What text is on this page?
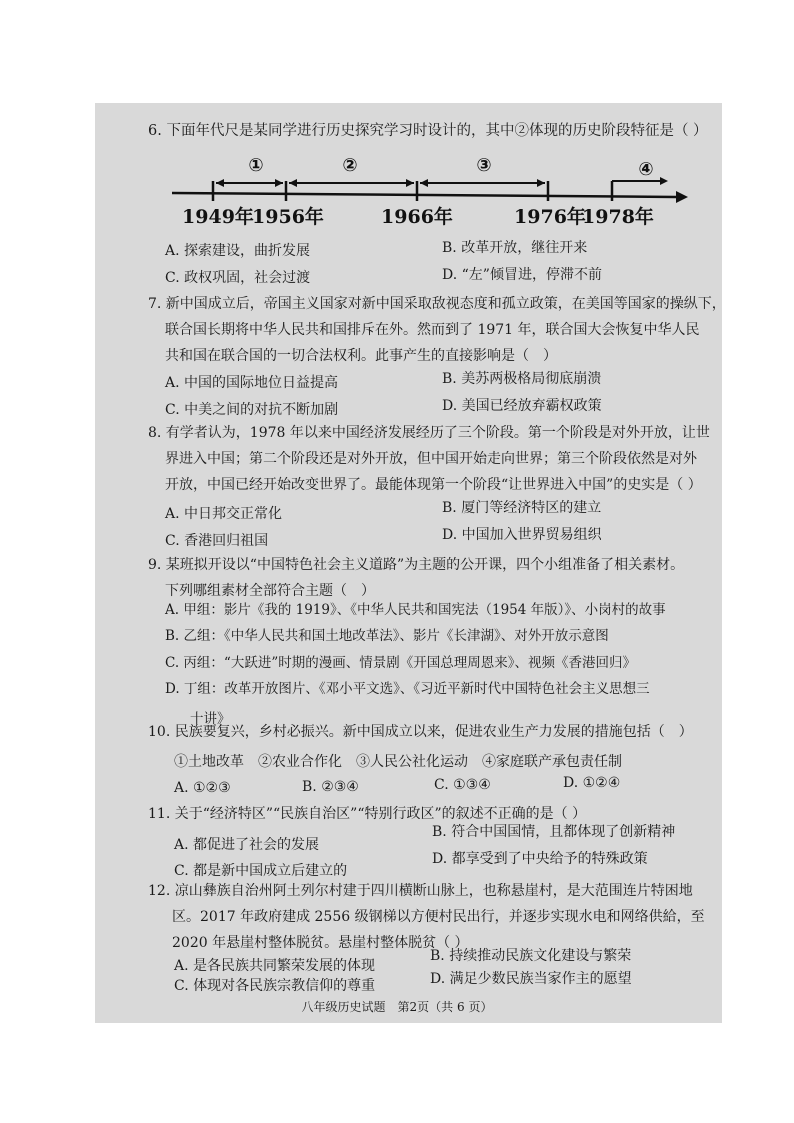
6. 下面年代尺是某同学进行历史探究学习时设计的，其中②体现的历史阶段特征是（ ）
①	②	③	④
1949年
1956年	1966年	1976年
1978年
A. 探索建设，曲折发展	B. 改革开放，继往开来
C. 政权巩固，社会过渡	D. “左”倾冒进，停滞不前
7. 新中国成立后，帝国主义国家对新中国采取敌视态度和孤立政策，在美国等国家的操纵下，
联合国长期将中华人民共和国排斥在外。然而到了 1971 年，联合国大会恢复中华人民
共和国在联合国的一切合法权利。此事产生的直接影响是（　）
A. 中国的国际地位日益提高	B. 美苏两极格局彻底崩溃
C. 中美之间的对抗不断加剧	D. 美国已经放弃霸权政策
8. 有学者认为，1978 年以来中国经济发展经历了三个阶段。第一个阶段是对外开放，让世
界进入中国；第二个阶段还是对外开放，但中国开始走向世界；第三个阶段依然是对外
开放，中国已经开始改变世界了。最能体现第一个阶段“让世界进入中国”的史实是（ ）
A. 中日邦交正常化	B. 厦门等经济特区的建立
C. 香港回归祖国	D. 中国加入世界贸易组织
9. 某班拟开设以“中国特色社会主义道路”为主题的公开课，四个小组准备了相关素材。
下列哪组素材全部符合主题（　）
A. 甲组：影片《我的 1919》、《中华人民共和国宪法（1954 年版）》、小岗村的故事
B. 乙组：《中华人民共和国土地改革法》、影片《长津湖》、对外开放示意图
C. 丙组：“大跃进”时期的漫画、情景剧《开国总理周恩来》、视频《香港回归》
D. 丁组：改革开放图片、《邓小平文选》、《习近平新时代中国特色社会主义思想三
十讲》
10. 民族要复兴，乡村必振兴。新中国成立以来，促进农业生产力发展的措施包括（　）
①土地改革　②农业合作化　③人民公社化运动　④家庭联产承包责任制
A. ①②③	B. ②③④	C. ①③④	D. ①②④
11. 关于“经济特区”“民族自治区”“特别行政区”的叙述不正确的是（ ）
A. 都促进了社会的发展
B. 符合中国国情，且都体现了创新精神
C. 都是新中国成立后建立的
D. 都享受到了中央给予的特殊政策
12. 凉山彝族自治州阿土列尔村建于四川横断山脉上，也称悬崖村，是大范围连片特困地
区。2017 年政府建成 2556 级钢梯以方便村民出行，并逐步实现水电和网络供給，至
2020 年悬崖村整体脱贫。悬崖村整体脱贫（ ）
A. 是各民族共同繁荣发展的体现
B. 持续推动民族文化建设与繁荣
C. 体现对各民族宗教信仰的尊重	D. 满足少数民族当家作主的愿望
八年级历史试题　第2页（共 6 页）
